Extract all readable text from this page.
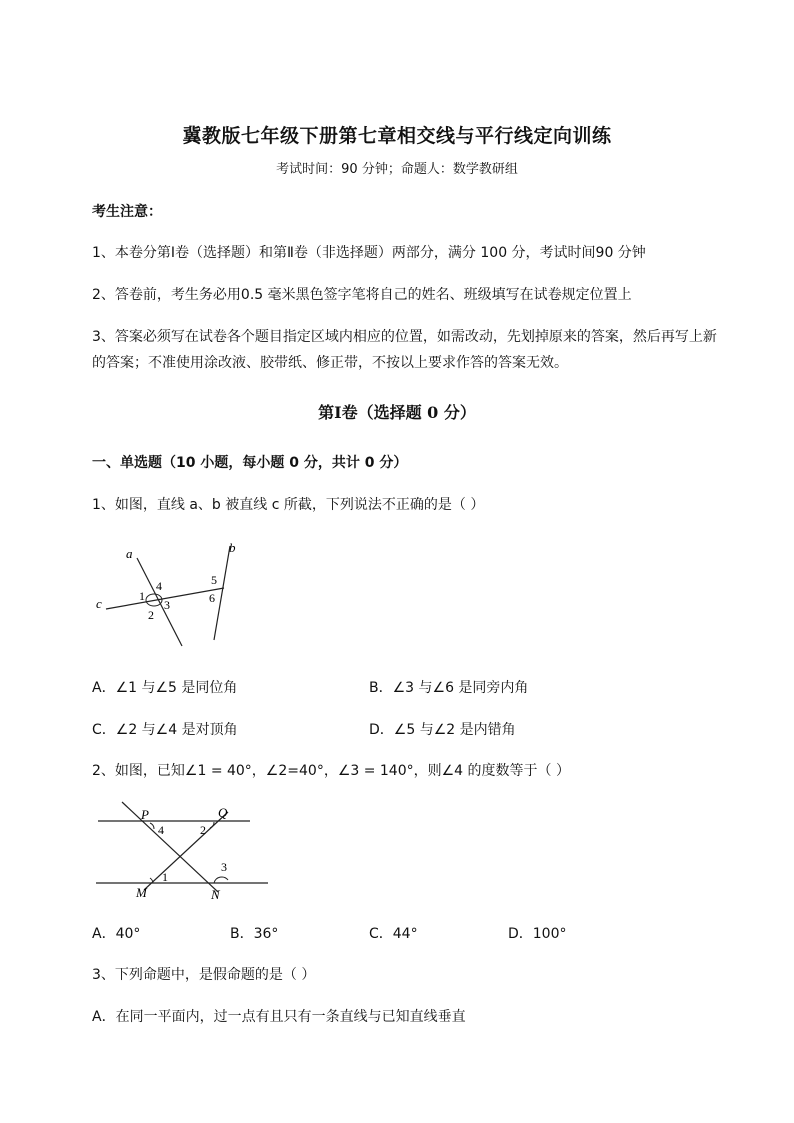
冀教版七年级下册第七章相交线与平行线定向训练
考试时间：90 分钟；命题人：数学教研组
考生注意：
1、本卷分第Ⅰ卷（选择题）和第Ⅱ卷（非选择题）两部分，满分 100 分，考试时间90 分钟
2、答卷前，考生务必用0.5 毫米黑色签字笔将自己的姓名、班级填写在试卷规定位置上
3、答案必须写在试卷各个题目指定区域内相应的位置，如需改动，先划掉原来的答案，然后再写上新
的答案；不准使用涂改液、胶带纸、修正带，不按以上要求作答的答案无效。
第Ⅰ卷（选择题 0 分）
一、单选题（10 小题，每小题 0 分，共计 0 分）
1、如图，直线 a、b 被直线 c 所截，下列说法不正确的是（ ）
a	b
c	1
2
3
4	5
6
A．∠1 与∠5 是同位角	B．∠3 与∠6 是同旁内角
C．∠2 与∠4 是对顶角	D．∠5 与∠2 是内错角
2、如图，已知∠1 = 40°，∠2=40°，∠3 = 140°，则∠4 的度数等于（ ）
P	Q
M	N
1
2
3
4
A．40°	B．36°	C．44°	D．100°
3、下列命题中，是假命题的是（ ）
A．在同一平面内，过一点有且只有一条直线与已知直线垂直
